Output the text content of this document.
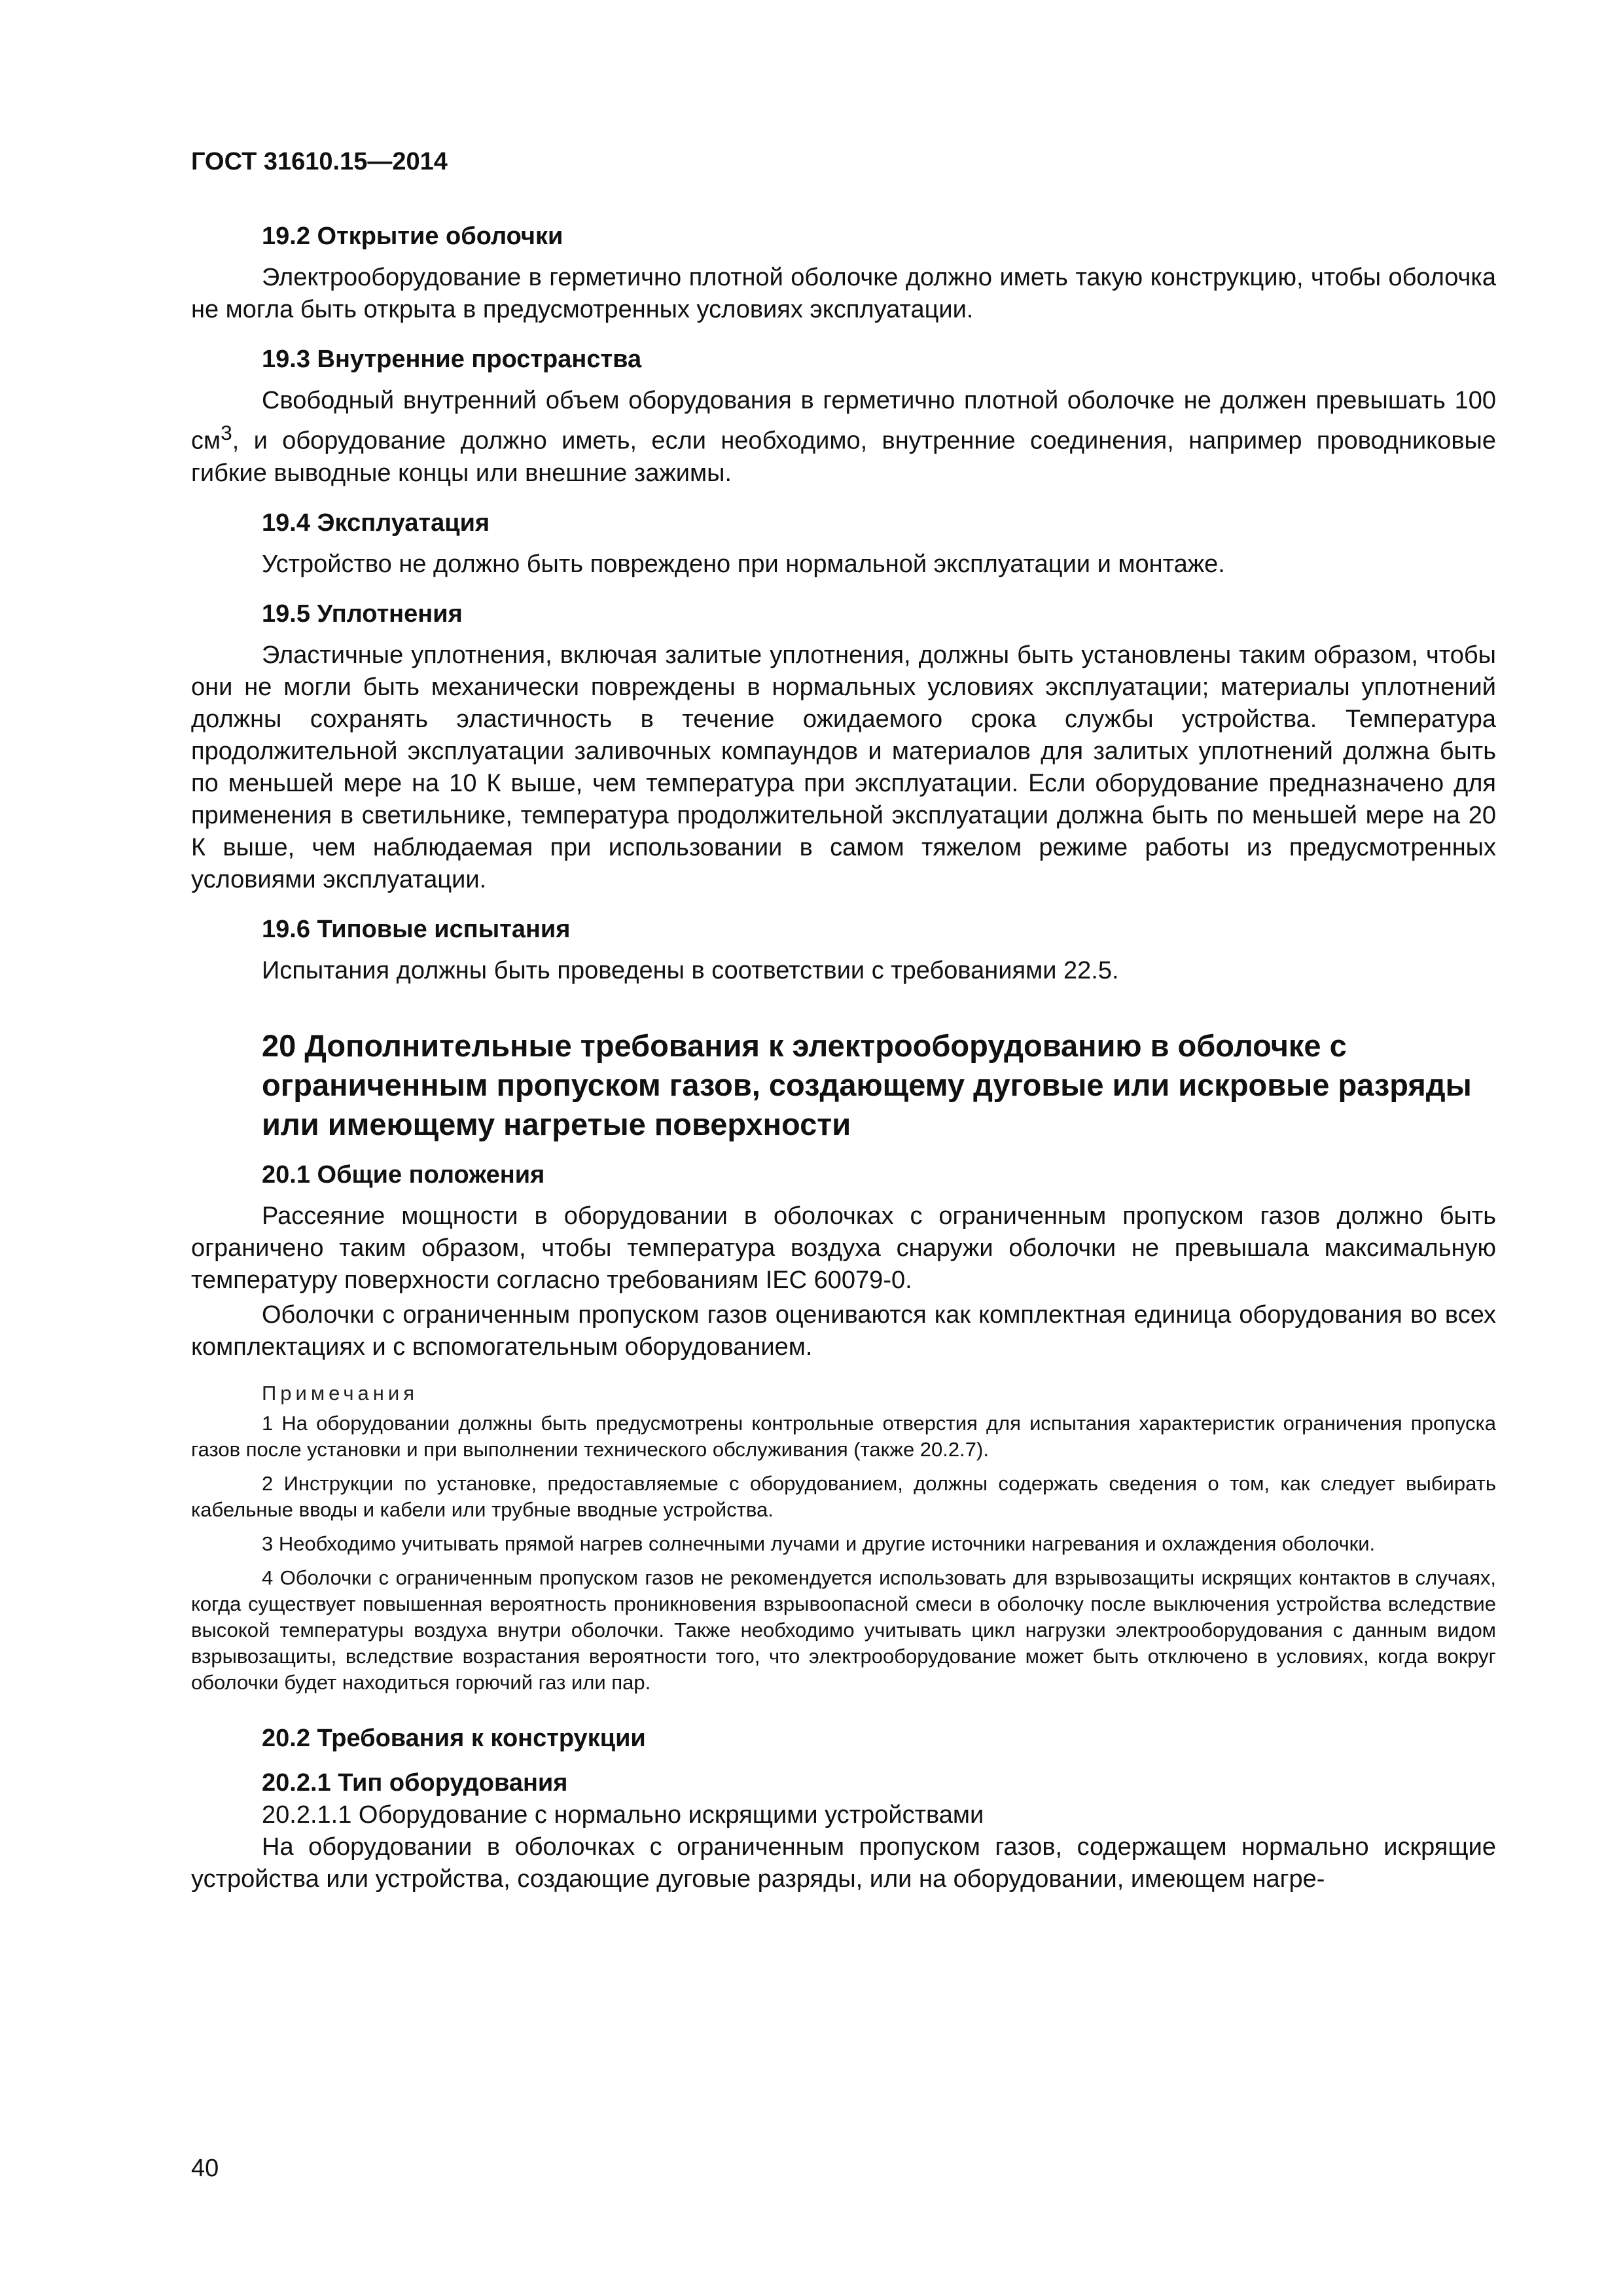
ГОСТ 31610.15—2014
19.2 Открытие оболочки
Электрооборудование в герметично плотной оболочке должно иметь такую конструкцию, чтобы оболочка не могла быть открыта в предусмотренных условиях эксплуатации.
19.3 Внутренние пространства
Свободный внутренний объем оборудования в герметично плотной оболочке не должен превышать 100 $см^3$, и оборудование должно иметь, если необходимо, внутренние соединения, например проводниковые гибкие выводные концы или внешние зажимы.
19.4 Эксплуатация
Устройство не должно быть повреждено при нормальной эксплуатации и монтаже.
19.5 Уплотнения
Эластичные уплотнения, включая залитые уплотнения, должны быть установлены таким образом, чтобы они не могли быть механически повреждены в нормальных условиях эксплуатации; материалы уплотнений должны сохранять эластичность в течение ожидаемого срока службы устройства. Температура продолжительной эксплуатации заливочных компаундов и материалов для залитых уплотнений должна быть по меньшей мере на 10 К выше, чем температура при эксплуатации. Если оборудование предназначено для применения в светильнике, температура продолжительной эксплуатации должна быть по меньшей мере на 20 К выше, чем наблюдаемая при использовании в самом тяжелом режиме работы из предусмотренных условиями эксплуатации.
19.6 Типовые испытания
Испытания должны быть проведены в соответствии с требованиями 22.5.
20 Дополнительные требования к электрооборудованию в оболочке с ограниченным пропуском газов, создающему дуговые или искровые разряды или имеющему нагретые поверхности
20.1 Общие положения
Рассеяние мощности в оборудовании в оболочках с ограниченным пропуском газов должно быть ограничено таким образом, чтобы температура воздуха снаружи оболочки не превышала максимальную температуру поверхности согласно требованиям IEC 60079-0.
Оболочки с ограниченным пропуском газов оцениваются как комплектная единица оборудования во всех комплектациях и с вспомогательным оборудованием.
Примечания
1 На оборудовании должны быть предусмотрены контрольные отверстия для испытания характеристик ограничения пропуска газов после установки и при выполнении технического обслуживания (также 20.2.7).
2 Инструкции по установке, предоставляемые с оборудованием, должны содержать сведения о том, как следует выбирать кабельные вводы и кабели или трубные вводные устройства.
3 Необходимо учитывать прямой нагрев солнечными лучами и другие источники нагревания и охлаждения оболочки.
4 Оболочки с ограниченным пропуском газов не рекомендуется использовать для взрывозащиты искрящих контактов в случаях, когда существует повышенная вероятность проникновения взрывоопасной смеси в оболочку после выключения устройства вследствие высокой температуры воздуха внутри оболочки. Также необходимо учитывать цикл нагрузки электрооборудования с данным видом взрывозащиты, вследствие возрастания вероятности того, что электрооборудование может быть отключено в условиях, когда вокруг оболочки будет находиться горючий газ или пар.
20.2 Требования к конструкции
20.2.1 Тип оборудования
20.2.1.1 Оборудование с нормально искрящими устройствами
На оборудовании в оболочках с ограниченным пропуском газов, содержащем нормально искрящие устройства или устройства, создающие дуговые разряды, или на оборудовании, имеющем нагре-
40
